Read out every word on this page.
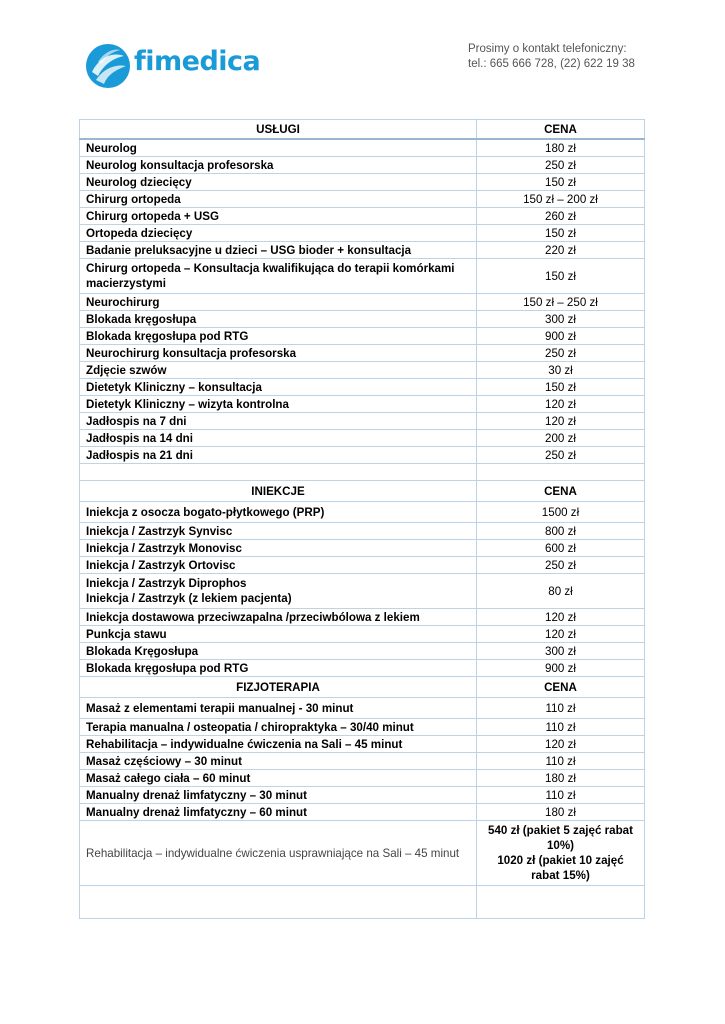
fimedica	Prosimy o kontakt telefoniczny:
tel.: 665 666 728, (22) 622 19 38
USŁUGI	CENA
Neurolog	180 zł
Neurolog konsultacja profesorska	250 zł
Neurolog dziecięcy	150 zł
Chirurg ortopeda	150 zł – 200 zł
Chirurg ortopeda + USG	260 zł
Ortopeda dziecięcy	150 zł
Badanie preluksacyjne u dzieci – USG bioder + konsultacja	220 zł
Chirurg ortopeda – Konsultacja kwalifikująca do terapii komórkami macierzystymi	150 zł
Neurochirurg	150 zł – 250 zł
Blokada kręgosłupa	300 zł
Blokada kręgosłupa pod RTG	900 zł
Neurochirurg konsultacja profesorska	250 zł
Zdjęcie szwów	30 zł
Dietetyk Kliniczny – konsultacja	150 zł
Dietetyk Kliniczny – wizyta kontrolna	120 zł
Jadłospis na 7 dni	120 zł
Jadłospis na 14 dni	200 zł
Jadłospis na 21 dni	250 zł

INIEKCJE	CENA
Iniekcja z osocza bogato-płytkowego (PRP)	1500 zł
Iniekcja / Zastrzyk Synvisc	800 zł
Iniekcja / Zastrzyk Monovisc	600 zł
Iniekcja / Zastrzyk Ortovisc	250 zł
Iniekcja / Zastrzyk Diprophos
Iniekcja / Zastrzyk (z lekiem pacjenta)	80 zł
Iniekcja dostawowa przeciwzapalna /przeciwbólowa z lekiem	120 zł
Punkcja stawu	120 zł
Blokada Kręgosłupa	300 zł
Blokada kręgosłupa pod RTG	900 zł
FIZJOTERAPIA	CENA
Masaż z elementami terapii manualnej - 30 minut	110 zł
Terapia manualna / osteopatia / chiropraktyka – 30/40 minut	110 zł
Rehabilitacja – indywidualne ćwiczenia na Sali – 45 minut	120 zł
Masaż częściowy – 30 minut	110 zł
Masaż całego ciała – 60 minut	180 zł
Manualny drenaż limfatyczny – 30 minut	110 zł
Manualny drenaż limfatyczny – 60 minut	180 zł
Rehabilitacja – indywidualne ćwiczenia usprawniające na Sali – 45 minut	540 zł (pakiet 5 zajęć rabat 10%)
1020 zł (pakiet 10 zajęć rabat 15%)
